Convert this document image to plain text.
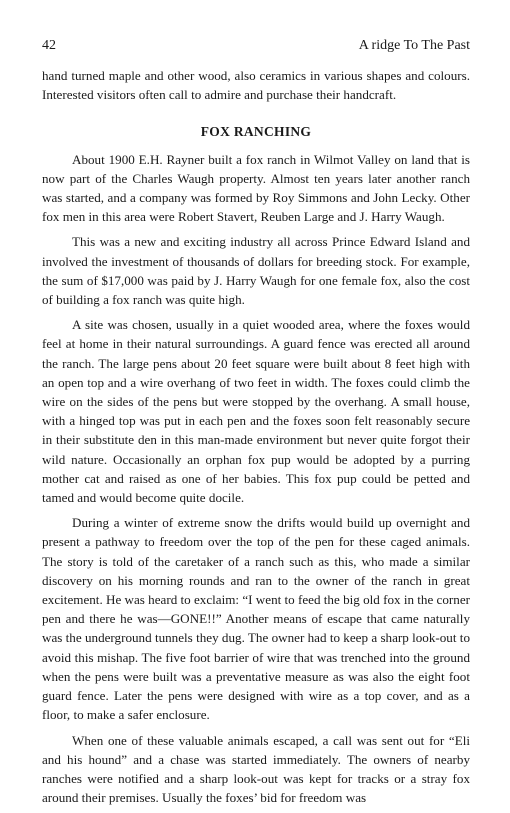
42	A ridge To The Past

hand turned maple and other wood, also ceramics in various shapes and colours. Interested visitors often call to admire and purchase their handcraft.

FOX RANCHING

About 1900 E.H. Rayner built a fox ranch in Wilmot Valley on land that is now part of the Charles Waugh property. Almost ten years later another ranch was started, and a company was formed by Roy Simmons and John Lecky. Other fox men in this area were Robert Stavert, Reuben Large and J. Harry Waugh.

This was a new and exciting industry all across Prince Edward Island and involved the investment of thousands of dollars for breeding stock. For example, the sum of $17,000 was paid by J. Harry Waugh for one female fox, also the cost of building a fox ranch was quite high.

A site was chosen, usually in a quiet wooded area, where the foxes would feel at home in their natural surroundings. A guard fence was erected all around the ranch. The large pens about 20 feet square were built about 8 feet high with an open top and a wire overhang of two feet in width. The foxes could climb the wire on the sides of the pens but were stopped by the overhang. A small house, with a hinged top was put in each pen and the foxes soon felt reasonably secure in their substitute den in this man-made environment but never quite forgot their wild nature. Occasionally an orphan fox pup would be adopted by a purring mother cat and raised as one of her babies. This fox pup could be petted and tamed and would become quite docile.

During a winter of extreme snow the drifts would build up overnight and present a pathway to freedom over the top of the pen for these caged animals. The story is told of the caretaker of a ranch such as this, who made a similar discovery on his morning rounds and ran to the owner of the ranch in great excitement. He was heard to exclaim: “I went to feed the big old fox in the corner pen and there he was—GONE!!” Another means of escape that came naturally was the underground tunnels they dug. The owner had to keep a sharp look-out to avoid this mishap. The five foot barrier of wire that was trenched into the ground when the pens were built was a preventative measure as was also the eight foot guard fence. Later the pens were designed with wire as a top cover, and as a floor, to make a safer enclosure.

When one of these valuable animals escaped, a call was sent out for “Eli and his hound” and a chase was started immediately. The owners of nearby ranches were notified and a sharp look-out was kept for tracks or a stray fox around their premises. Usually the foxes’ bid for freedom was
